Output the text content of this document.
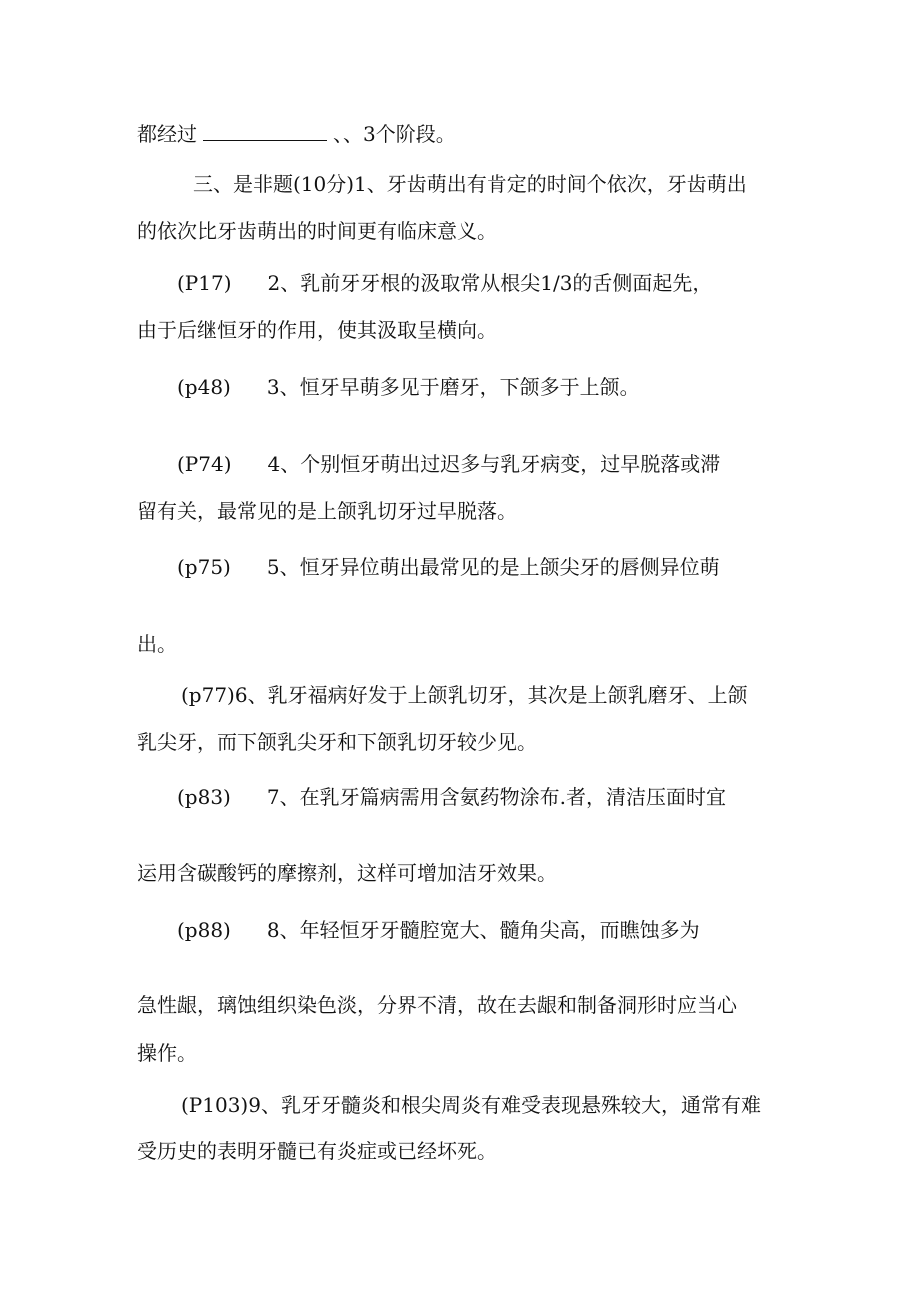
都经过	、、3个阶段。
三、是非题(10分)1、牙齿萌出有肯定的时间个依次，牙齿萌出
的依次比牙齿萌出的时间更有临床意义。
(P17) 2、乳前牙牙根的汲取常从根尖1/3的舌侧面起先，
由于后继恒牙的作用，使其汲取呈横向。
(p48) 3、恒牙早萌多见于磨牙，下颌多于上颌。
(P74) 4、个别恒牙萌出过迟多与乳牙病变，过早脱落或滞
留有关，最常见的是上颌乳切牙过早脱落。
(p75) 5、恒牙异位萌出最常见的是上颌尖牙的唇侧异位萌
出。
(p77)6、乳牙福病好发于上颌乳切牙，其次是上颌乳磨牙、上颌
乳尖牙，而下颌乳尖牙和下颌乳切牙较少见。
(p83) 7、在乳牙篇病需用含氨药物涂布.者，清洁压面时宜
运用含碳酸钙的摩擦剂，这样可增加洁牙效果。
(p88) 8、年轻恒牙牙髓腔宽大、髓角尖高，而瞧蚀多为
急性龈，璃蚀组织染色淡，分界不清，故在去龈和制备洞形时应当心
操作。
(P103)9、乳牙牙髓炎和根尖周炎有难受表现悬殊较大，通常有难
受历史的表明牙髓已有炎症或已经坏死。
